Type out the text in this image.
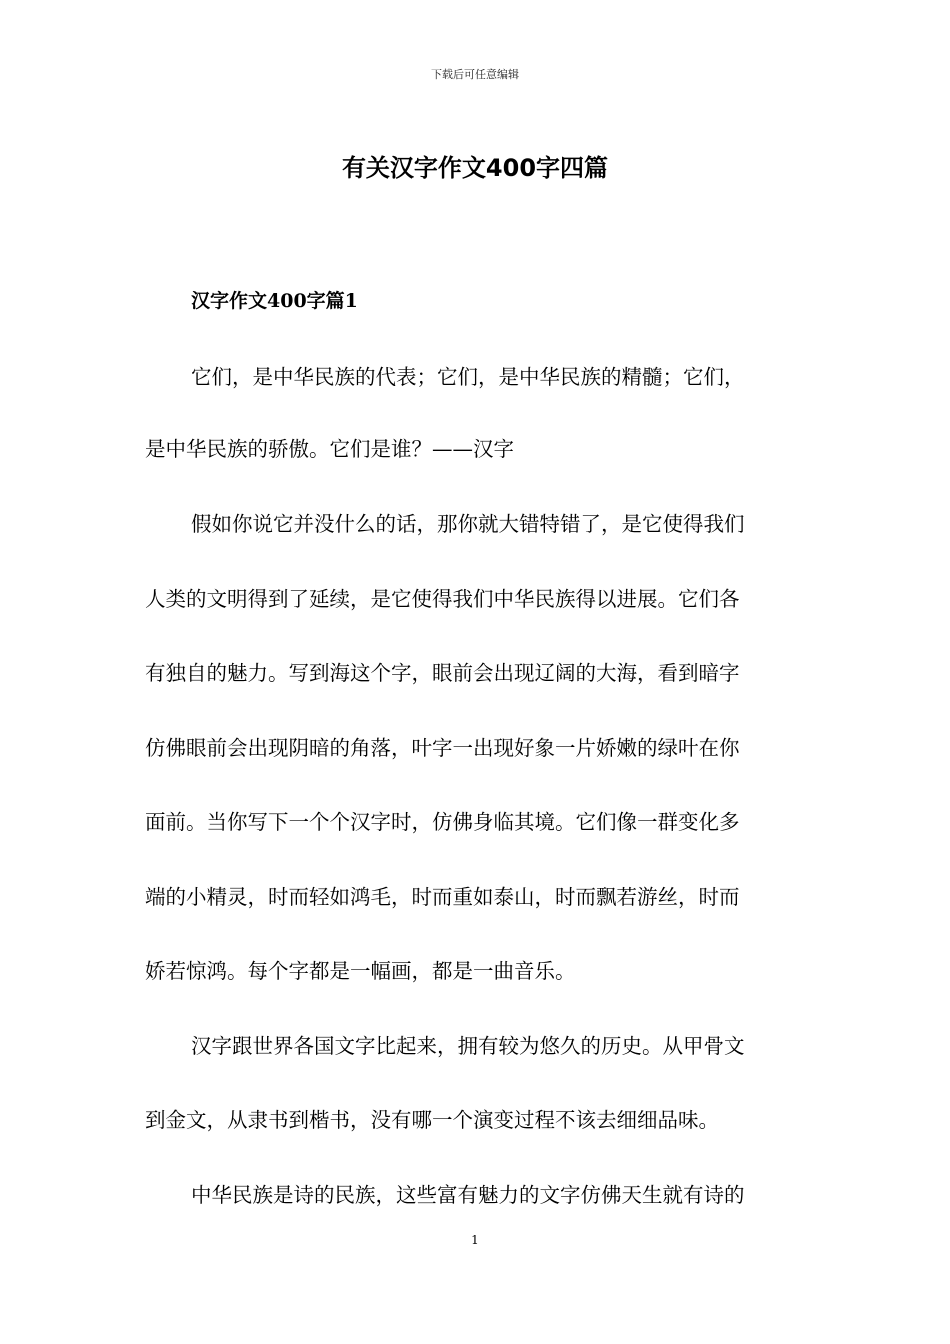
下载后可任意编辑
有关汉字作文400字四篇
汉字作文400字篇1
它们，是中华民族的代表；它们，是中华民族的精髓；它们，
是中华民族的骄傲。它们是谁？——汉字
假如你说它并没什么的话，那你就大错特错了，是它使得我们
人类的文明得到了延续，是它使得我们中华民族得以进展。它们各
有独自的魅力。写到海这个字，眼前会出现辽阔的大海，看到暗字
仿佛眼前会出现阴暗的角落，叶字一出现好象一片娇嫩的绿叶在你
面前。当你写下一个个汉字时，仿佛身临其境。它们像一群变化多
端的小精灵，时而轻如鸿毛，时而重如泰山，时而飘若游丝，时而
娇若惊鸿。每个字都是一幅画，都是一曲音乐。
汉字跟世界各国文字比起来，拥有较为悠久的历史。从甲骨文
到金文，从隶书到楷书，没有哪一个演变过程不该去细细品味。
中华民族是诗的民族，这些富有魅力的文字仿佛天生就有诗的
1
